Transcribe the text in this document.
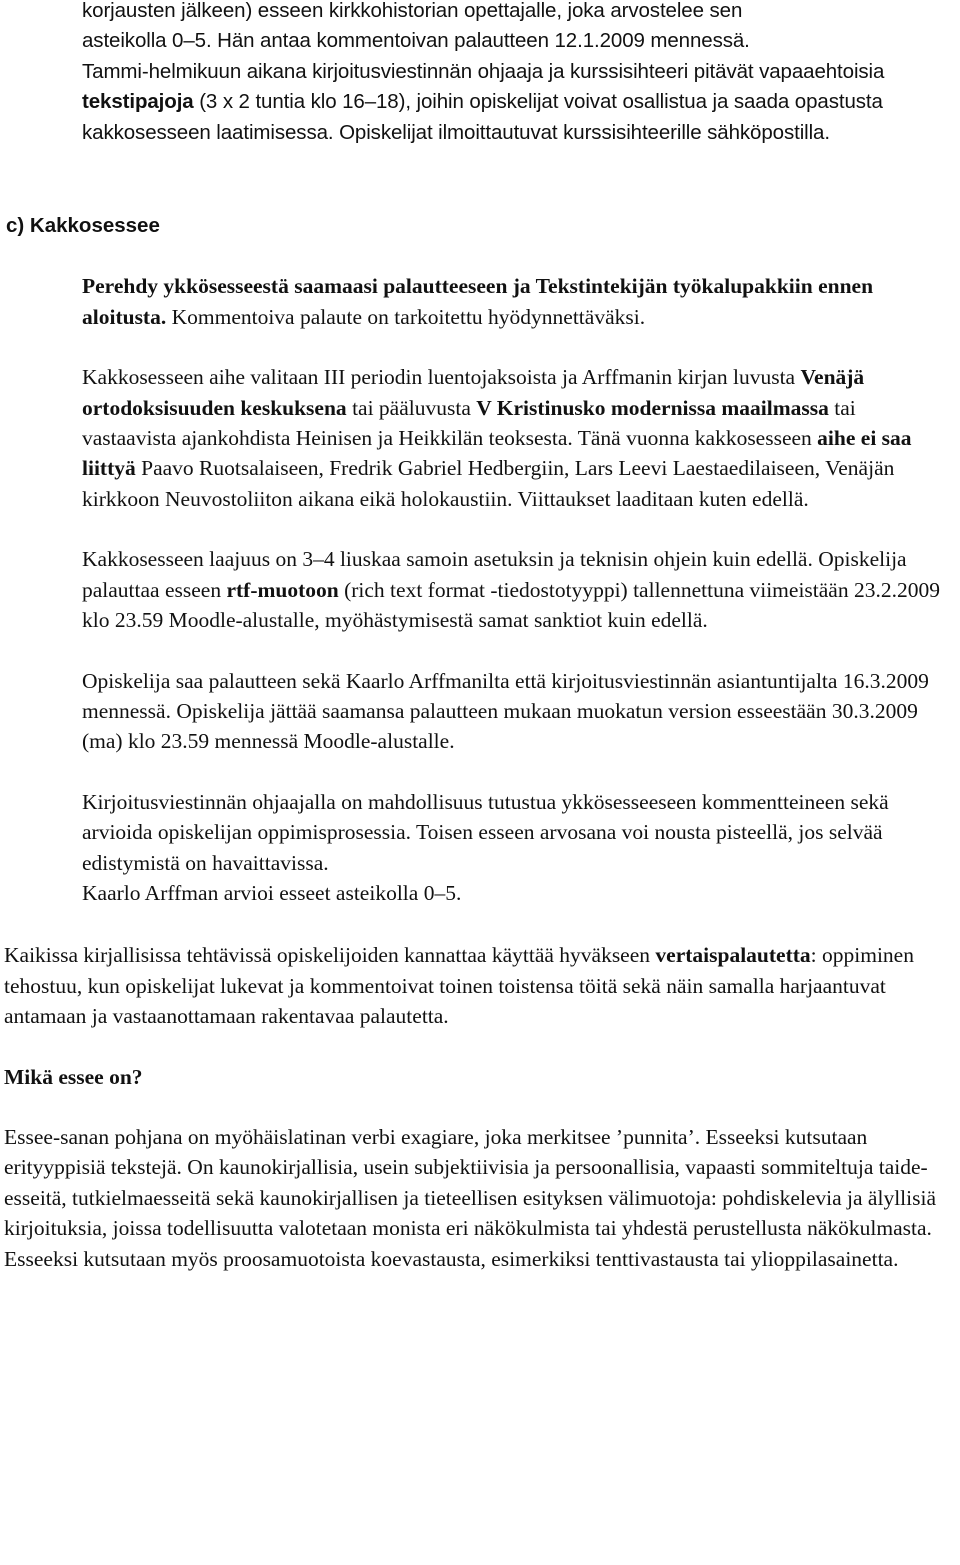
korjausten jälkeen) esseen kirkkohistorian opettajalle, joka arvostelee sen
asteikolla 0–5. Hän antaa kommentoivan palautteen 12.1.2009 mennessä.

Tammi-helmikuun aikana kirjoitusviestinnän ohjaaja ja kurssisihteeri pitävät vapaaehtoisia tekstipajoja (3 x 2 tuntia klo 16–18), joihin opiskelijat voivat osallistua ja saada opastusta kakkosesseen laatimisessa. Opiskelijat ilmoittautuvat kurssisihteerille sähköpostilla.

c) Kakkosessee

Perehdy ykkösesseestä saamaasi palautteeseen ja Tekstintekijän työkalupakkiin ennen aloitusta. Kommentoiva palaute on tarkoitettu hyödynnettäväksi.

Kakkosesseen aihe valitaan III periodin luentojaksoista ja Arffmanin kirjan luvusta Venäjä ortodoksisuuden keskuksena tai pääluvusta V Kristinusko modernissa maailmassa tai vastaavista ajankohdista Heinisen ja Heikkilän teoksesta. Tänä vuonna kakkosesseen aihe ei saa liittyä Paavo Ruotsalaiseen, Fredrik Gabriel Hedbergiin, Lars Leevi Laestaedilaiseen, Venäjän kirkkoon Neuvostoliiton aikana eikä holokaustiin. Viittaukset laaditaan kuten edellä.

Kakkosesseen laajuus on 3–4 liuskaa samoin asetuksin ja teknisin ohjein kuin edellä. Opiskelija palauttaa esseen rtf-muotoon (rich text format -tiedostotyyppi) tallennettuna viimeistään 23.2.2009 klo 23.59 Moodle-alustalle, myöhästymisestä samat sanktiot kuin edellä.

Opiskelija saa palautteen sekä Kaarlo Arffmanilta että kirjoitusviestinnän asiantuntijalta 16.3.2009 mennessä. Opiskelija jättää saamansa palautteen mukaan muokatun version esseestään 30.3.2009 (ma) klo 23.59 mennessä Moodle-alustalle.

Kirjoitusviestinnän ohjaajalla on mahdollisuus tutustua ykkösesseeseen kommentteineen sekä arvioida opiskelijan oppimisprosessia. Toisen esseen arvosana voi nousta pisteellä, jos selvää edistymistä on havaittavissa.
Kaarlo Arffman arvioi esseet asteikolla 0–5.

Kaikissa kirjallisissa tehtävissä opiskelijoiden kannattaa käyttää hyväkseen vertaispalautetta: oppiminen tehostuu, kun opiskelijat lukevat ja kommentoivat toinen toistensa töitä sekä näin samalla harjaantuvat antamaan ja vastaanottamaan rakentavaa palautetta.

Mikä essee on?

Essee-sanan pohjana on myöhäislatinan verbi exagiare, joka merkitsee ’punnita’. Esseeksi kutsutaan erityyppisiä tekstejä. On kaunokirjallisia, usein subjektiivisia ja persoonallisia, vapaasti sommiteltuja taide-esseitä, tutkielmaesseitä sekä kaunokirjallisen ja tieteellisen esityksen välimuotoja: pohdiskelevia ja älyllisiä kirjoituksia, joissa todellisuutta valotetaan monista eri näkökulmista tai yhdestä perustellusta näkökulmasta. Esseeksi kutsutaan myös proosamuotoista koevastausta, esimerkiksi tenttivastausta tai ylioppilasainetta.
